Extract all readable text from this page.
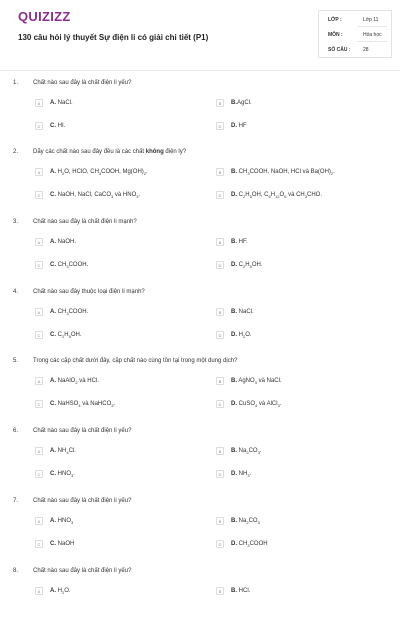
QUIZIZZ
130 câu hỏi lý thuyết Sự điện li có giải chi tiết (P1)
LỚP :	Lớp 11
MÔN :	Hóa học
SỐ CÂU :	28
1. Chất nào sau đây là chất điện li yếu?
A	A. NaCl.	B	B.AgCl.
C	C. HI.	D	D. HF
2. Dãy các chất nào sau đây đều là các chất không điện ly?
A	A. $H_2O$, HClO, $CH_3COOH$, $Mg(OH)_2$.	B	B. $CH_3COOH$, NaOH, HCl và $Ba(OH)_2$.
C	C. NaOH, NaCl, CaCO$_3$ và $HNO_3$.	D	D. $C_2H_5OH$, $C_6H_{12}O_6$ và $CH_3CHO$.
3. Chất nào sau đây là chất điện li mạnh?
A	A. NaOH.	B	B. HF.
C	C. $CH_3COOH$.	D	D. $C_2H_5OH$.
4. Chất nào sau đây thuộc loại điện li mạnh?
A	A. $CH_3COOH$.	B	B. NaCl.
C	C. $C_2H_5OH$.	D	D. $H_2O$.
5. Trong các cặp chất dưới đây, cặp chất nào cùng tồn tại trong một dung dịch?
A	A. NaAlO$_2$ và HCl.	B	B. AgNO$_3$ và NaCl.
C	C. NaHSO$_4$ và NaHCO$_3$.	D	D. CuSO$_4$ và AlCl$_3$.
6. Chất nào sau đây là chất điện li yếu?
A	A. $NH_4Cl$.	B	B. $Na_2CO_3$.
C	C. $HNO_3$.	D	D. $NH_3$.
7. Chất nào sau đây là chất điện li yếu?
A	A. $HNO_3$	B	B. $Na_2CO_3$
C	C. NaOH	D	D. $CH_3COOH$
8. Chất nào sau đây là chất điện li yếu?
A	A. $H_2O$.	B	B. HCl.
